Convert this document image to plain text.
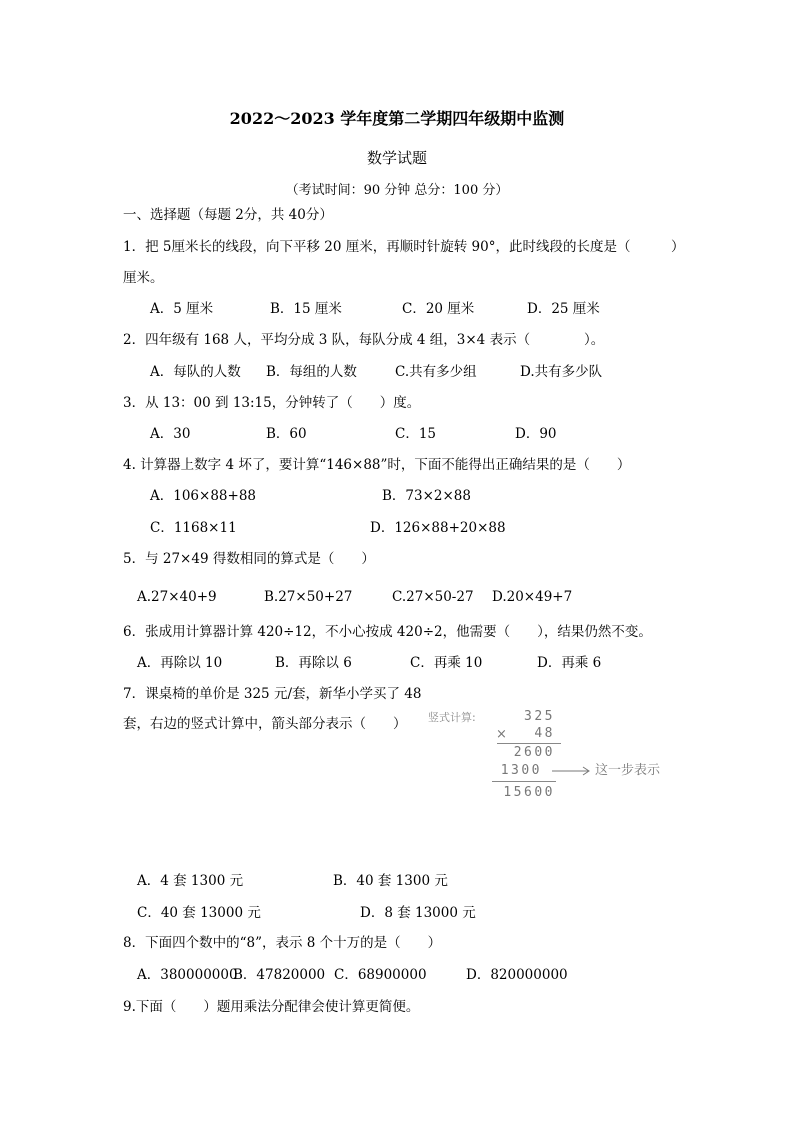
2022～2023 学年度第二学期四年级期中监测
数学试题
（考试时间：90 分钟 总分：100 分）
一、选择题（每题 2分，共 40分）
1．把 5厘米长的线段，向下平移 20 厘米，再顺时针旋转 90°，此时线段的长度是（　　　）
厘米。
A．5 厘米	B．15 厘米	C．20 厘米	D．25 厘米
2．四年级有 168 人，平均分成 3 队，每队分成 4 组，3×4 表示（　　　　）。
A．每队的人数 B．每组的人数	C.共有多少组	D.共有多少队
3．从 13：00 到 13:15，分钟转了（　　）度。
A．30	B．60	C．15	D．90
4. 计算器上数字 4 坏了，要计算“146×88”时，下面不能得出正确结果的是（　　）
A．106×88+88	B．73×2×88
C．1168×11	D．126×88+20×88
5．与 27×49 得数相同的算式是（　　）
A.27×40+9	B.27×50+27	C.27×50-27 D.20×49+7
6．张成用计算器计算 420÷12，不小心按成 420÷2，他需要（　　），结果仍然不变。
A．再除以 10	B．再除以 6	C．再乘 10	D．再乘 6
7．课桌椅的单价是 325 元/套，新华小学买了 48
套，右边的竖式计算中，箭头部分表示（　　） 竖式计算:	325
×	48
2600
1300	这一步表示
15600
A．4 套 1300 元	B．40 套 1300 元
C．40 套 13000 元	D．8 套 13000 元
8．下面四个数中的“8”，表示 8 个十万的是（　　）
A．380000000
B．47820000 C．68900000	D．820000000
9.下面（　　）题用乘法分配律会使计算更简便。
